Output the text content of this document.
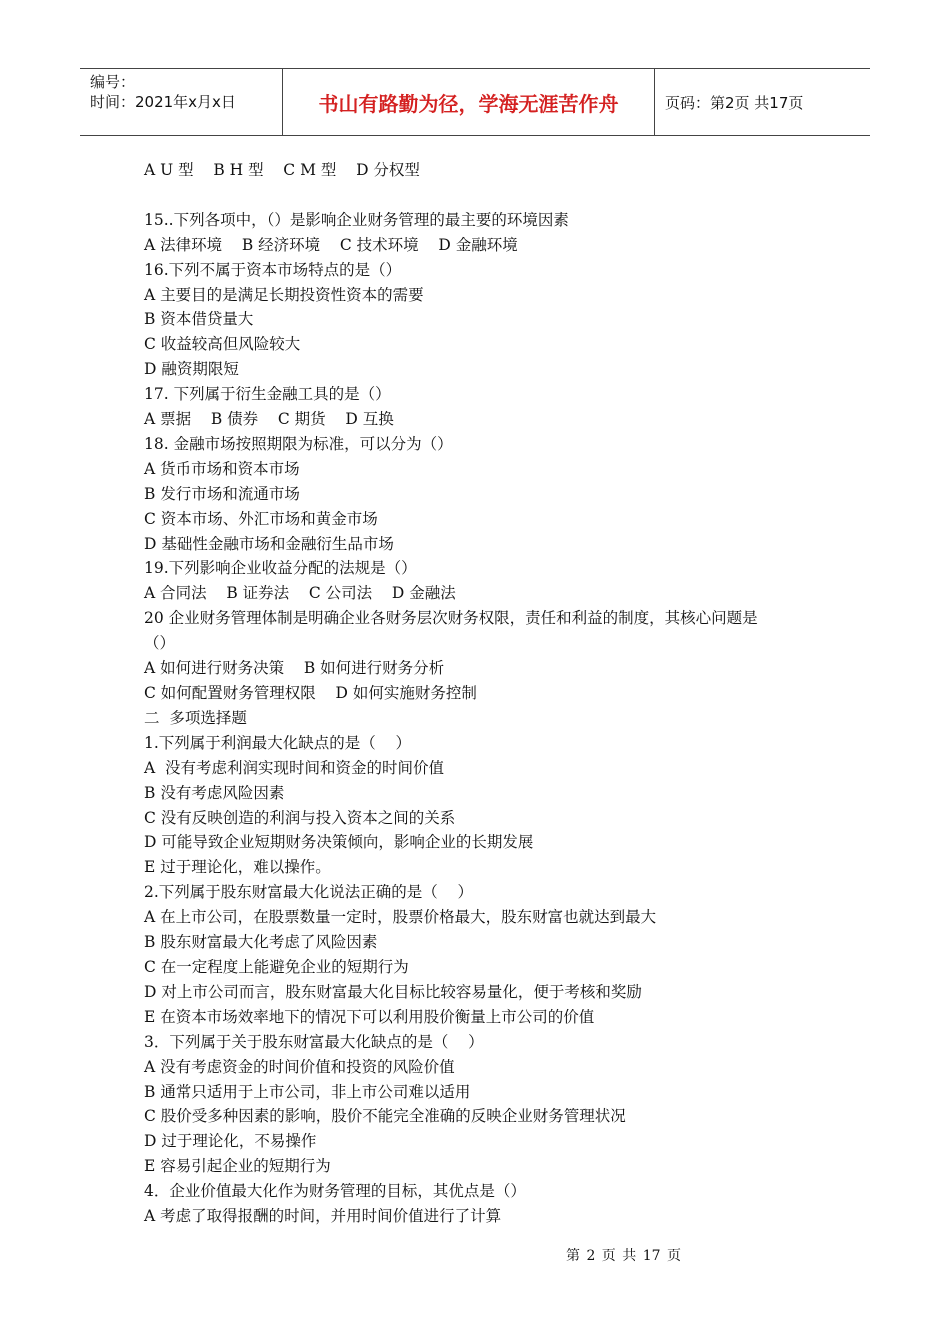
编号：
时间：2021年x月x日	书山有路勤为径，学海无涯苦作舟	页码：第2页 共17页
A U 型    B H 型    C M 型    D 分权型
15..下列各项中，（）是影响企业财务管理的最主要的环境因素
A 法律环境    B 经济环境    C 技术环境    D 金融环境
16.下列不属于资本市场特点的是（）
A 主要目的是满足长期投资性资本的需要
B 资本借贷量大
C 收益较高但风险较大
D 融资期限短
17. 下列属于衍生金融工具的是（）
A 票据    B 债券    C 期货    D 互换
18. 金融市场按照期限为标准，可以分为（）
A 货币市场和资本市场
B 发行市场和流通市场
C 资本市场、外汇市场和黄金市场
D 基础性金融市场和金融衍生品市场
19.下列影响企业收益分配的法规是（）
A 合同法    B 证券法    C 公司法    D 金融法
20 企业财务管理体制是明确企业各财务层次财务权限，责任和利益的制度，其核心问题是
（）
A 如何进行财务决策    B 如何进行财务分析
C 如何配置财务管理权限    D 如何实施财务控制
二  多项选择题
1.下列属于利润最大化缺点的是（    ）
A  没有考虑利润实现时间和资金的时间价值
B 没有考虑风险因素
C 没有反映创造的利润与投入资本之间的关系
D 可能导致企业短期财务决策倾向，影响企业的长期发展
E 过于理论化，难以操作。
2.下列属于股东财富最大化说法正确的是（    ）
A 在上市公司，在股票数量一定时，股票价格最大，股东财富也就达到最大
B 股东财富最大化考虑了风险因素
C 在一定程度上能避免企业的短期行为
D 对上市公司而言，股东财富最大化目标比较容易量化，便于考核和奖励
E 在资本市场效率地下的情况下可以利用股价衡量上市公司的价值
3．下列属于关于股东财富最大化缺点的是（    ）
A 没有考虑资金的时间价值和投资的风险价值
B 通常只适用于上市公司，非上市公司难以适用
C 股价受多种因素的影响，股价不能完全准确的反映企业财务管理状况
D 过于理论化，不易操作
E 容易引起企业的短期行为
4．企业价值最大化作为财务管理的目标，其优点是（）
A 考虑了取得报酬的时间，并用时间价值进行了计算
第 2 页 共 17 页
